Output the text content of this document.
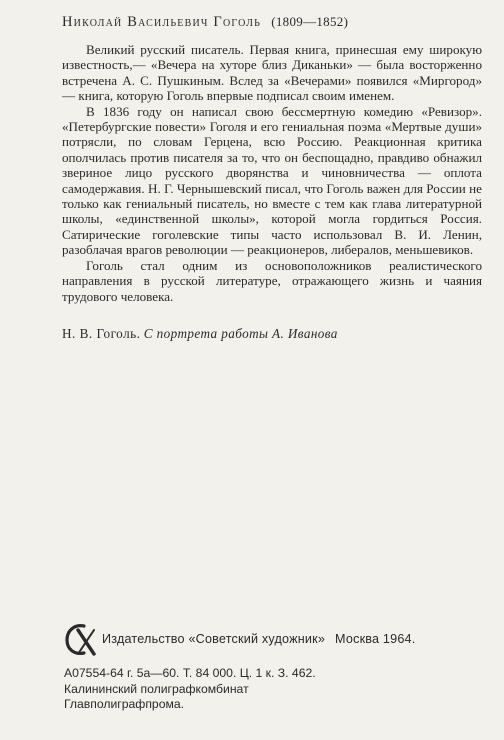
Николай Васильевич Гоголь (1809—1852)

Великий русский писатель. Первая книга, принесшая ему широкую известность,— «Вечера на хуторе близ Диканьки» — была восторженно встречена А. С. Пушкиным. Вслед за «Вечерами» появился «Миргород» — книга, которую Гоголь впервые подписал своим именем.

В 1836 году он написал свою бессмертную комедию «Ревизор». «Петербургские повести» Гоголя и его гениальная поэма «Мертвые души» потрясли, по словам Герцена, всю Россию. Реакционная критика ополчилась против писателя за то, что он беспощадно, правдиво обнажил звериное лицо русского дворянства и чиновничества — оплота самодержавия. Н. Г. Чернышевский писал, что Гоголь важен для России не только как гениальный писатель, но вместе с тем как глава литературной школы, «единственной школы», которой могла гордиться Россия. Сатирические гоголевские типы часто использовал В. И. Ленин, разоблачая врагов революции — реакционеров, либералов, меньшевиков.

Гоголь стал одним из основоположников реалистического направления в русской литературе, отражающего жизнь и чаяния трудового человека.

Н. В. Гоголь. С портрета работы А. Иванова
Издательство «Советский художник» Москва 1964.
А07554-64 г. 5а—60. Т. 84 000. Ц. 1 к. З. 462.
Калининский полиграфкомбинат
Главполиграфпрома.
